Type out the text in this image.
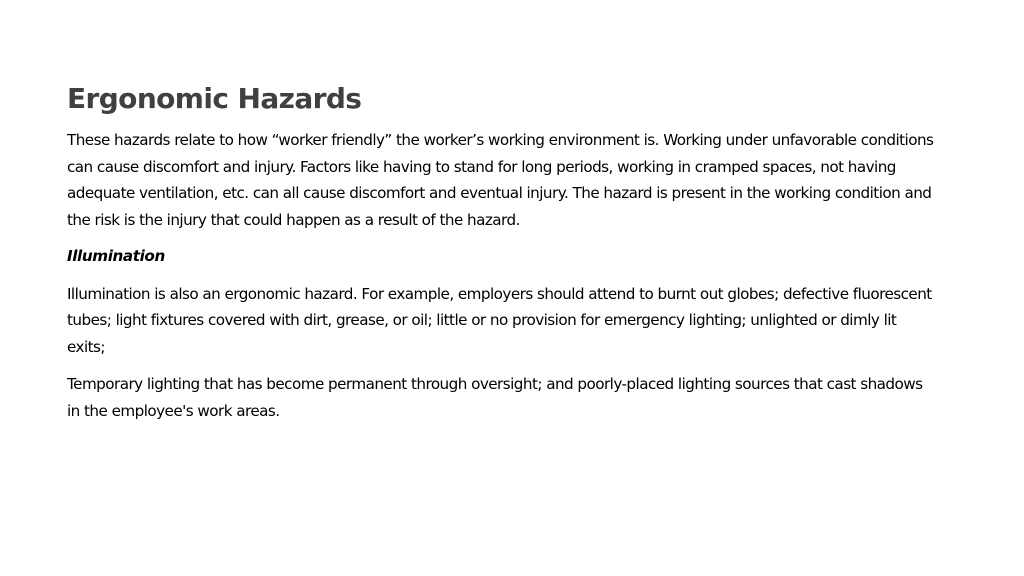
Ergonomic Hazards

These hazards relate to how “worker friendly” the worker’s working environment is. Working under unfavorable conditions can cause discomfort and injury. Factors like having to stand for long periods, working in cramped spaces, not having adequate ventilation, etc. can all cause discomfort and eventual injury. The hazard is present in the working condition and the risk is the injury that could happen as a result of the hazard.

Illumination

Illumination is also an ergonomic hazard. For example, employers should attend to burnt out globes; defective fluorescent tubes; light fixtures covered with dirt, grease, or oil; little or no provision for emergency lighting; unlighted or dimly lit exits;

Temporary lighting that has become permanent through oversight; and poorly-placed lighting sources that cast shadows in the employee's work areas.
